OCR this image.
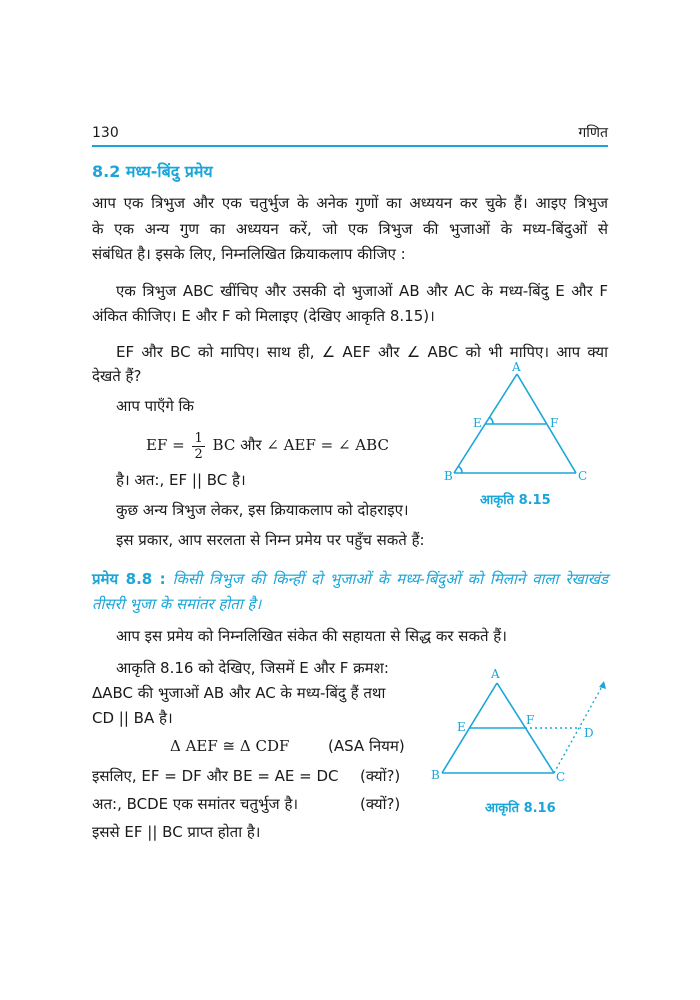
130	गणित
8.2 मध्य-बिंदु प्रमेय
आप एक त्रिभुज और एक चतुर्भुज के अनेक गुणों का अध्ययन कर चुके हैं। आइए त्रिभुज
के एक अन्य गुण का अध्ययन करें, जो एक त्रिभुज की भुजाओं के मध्य-बिंदुओं से
संबंधित है। इसके लिए, निम्नलिखित क्रियाकलाप कीजिए :
एक त्रिभुज ABC खींचिए और उसकी दो भुजाओं AB और AC के मध्य-बिंदु E और F
अंकित कीजिए। E और F को मिलाइए (देखिए आकृति 8.15)।
EF और BC को मापिए। साथ ही, ∠ AEF और ∠ ABC को भी मापिए। आप क्या
देखते हैं?
आप पाएँगे कि
EF = $\frac{1}{2}$ BC और ∠ AEF = ∠ ABC
है। अत:, EF || BC है।
कुछ अन्य त्रिभुज लेकर, इस क्रियाकलाप को दोहराइए।
इस प्रकार, आप सरलता से निम्न प्रमेय पर पहुँच सकते हैं:
A
E	F
B	C
आकृति 8.15
प्रमेय 8.8 : किसी त्रिभुज की किन्हीं दो भुजाओं के मध्य-बिंदुओं को मिलाने वाला रेखाखंड
तीसरी भुजा के समांतर होता है।
आप इस प्रमेय को निम्नलिखित संकेत की सहायता से सिद्ध कर सकते हैं।
आकृति 8.16 को देखिए, जिसमें E और F क्रमश:
ΔABC की भुजाओं AB और AC के मध्य-बिंदु हैं तथा
CD || BA है।
Δ AEF ≅ Δ CDF	(ASA नियम)
इसलिए, EF = DF और BE = AE = DC (क्यों?)
अत:, BCDE एक समांतर चतुर्भुज है।	(क्यों?)
इससे EF || BC प्राप्त होता है।
A
E	F
D
B	C
आकृति 8.16
